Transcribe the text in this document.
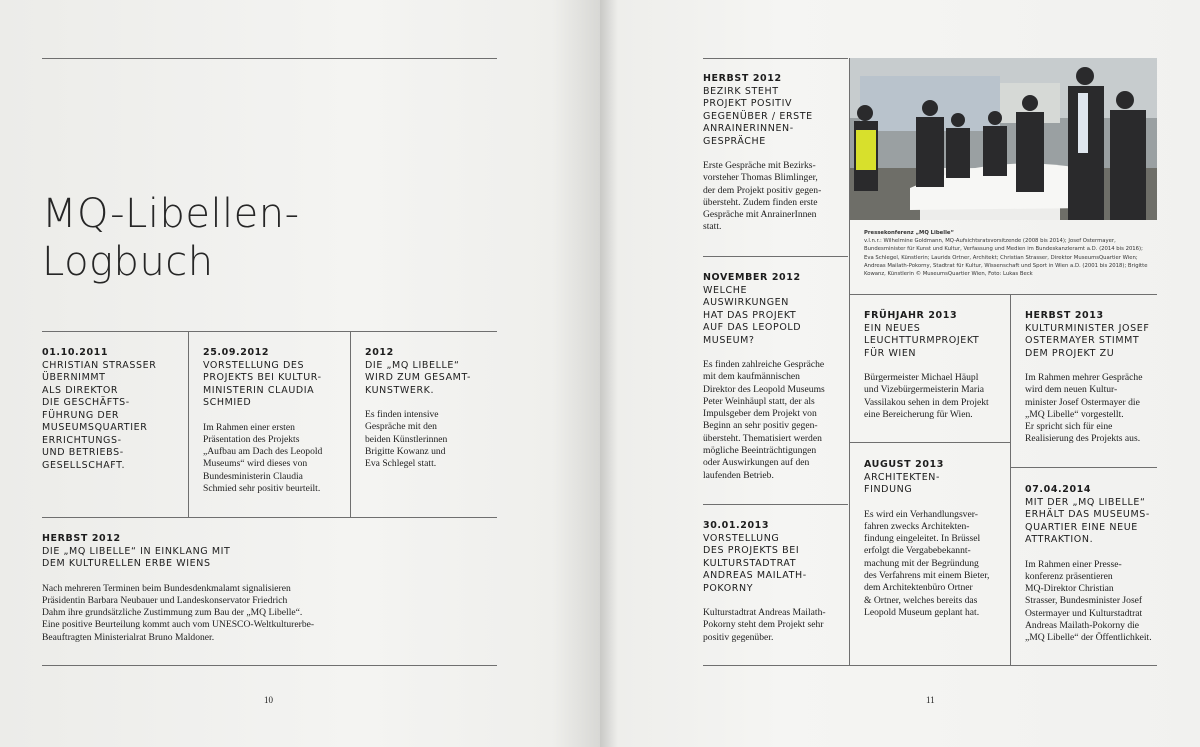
MQ-Libellen-
Logbuch
01.10.2011
CHRISTIAN STRASSER
ÜBERNIMMT
ALS DIREKTOR
DIE GESCHÄFTS-
FÜHRUNG DER
MUSEUMSQUARTIER
ERRICHTUNGS-
UND BETRIEBS-
GESELLSCHAFT.
25.09.2012
VORSTELLUNG DES
PROJEKTS BEI KULTUR-
MINISTERIN CLAUDIA
SCHMIED
Im Rahmen einer ersten
Präsentation des Projekts
„Aufbau am Dach des Leopold
Museums“ wird dieses von
Bundesministerin Claudia
Schmied sehr positiv beurteilt.
2012
DIE „MQ LIBELLE“
WIRD ZUM GESAMT-
KUNSTWERK.
Es finden intensive
Gespräche mit den
beiden Künstlerinnen
Brigitte Kowanz und
Eva Schlegel statt.
HERBST 2012
DIE „MQ LIBELLE“ IN EINKLANG MIT
DEM KULTURELLEN ERBE WIENS
Nach mehreren Terminen beim Bundesdenkmalamt signalisieren
Präsidentin Barbara Neubauer und Landeskonservator Friedrich
Dahm ihre grundsätzliche Zustimmung zum Bau der „MQ Libelle“.
Eine positive Beurteilung kommt auch vom UNESCO-Weltkulturerbe-
Beauftragten Ministerialrat Bruno Maldoner.
10
HERBST 2012
BEZIRK STEHT
PROJEKT POSITIV
GEGENÜBER / ERSTE
ANRAINERINNEN-
GESPRÄCHE
Erste Gespräche mit Bezirks-
vorsteher Thomas Blimlinger,
der dem Projekt positiv gegen-
übersteht. Zudem finden erste
Gespräche mit AnrainerInnen
statt.
NOVEMBER 2012
WELCHE
AUSWIRKUNGEN
HAT DAS PROJEKT
AUF DAS LEOPOLD
MUSEUM?
Es finden zahlreiche Gespräche
mit dem kaufmännischen
Direktor des Leopold Museums
Peter Weinhäupl statt, der als
Impulsgeber dem Projekt von
Beginn an sehr positiv gegen-
übersteht. Thematisiert werden
mögliche Beeinträchtigungen
oder Auswirkungen auf den
laufenden Betrieb.
30.01.2013
VORSTELLUNG
DES PROJEKTS BEI
KULTURSTADTRAT
ANDREAS MAILATH-
POKORNY
Kulturstadtrat Andreas Mailath-
Pokorny steht dem Projekt sehr
positiv gegenüber.
Pressekonferenz „MQ Libelle“
v.l.n.r.: Wilhelmine Goldmann, MQ-Aufsichtsratsvorsitzende (2008 bis 2014); Josef Ostermayer, Bundesminister für Kunst und Kultur, Verfassung und Medien im Bundeskanzleramt a.D. (2014 bis 2016); Eva Schlegel, Künstlerin; Laurids Ortner, Architekt; Christian Strasser, Direktor MuseumsQuartier Wien; Andreas Mailath-Pokorny, Stadtrat für Kultur, Wissenschaft und Sport in Wien a.D. (2001 bis 2018); Brigitte Kowanz, Künstlerin © MuseumsQuartier Wien, Foto: Lukas Beck
FRÜHJAHR 2013
EIN NEUES
LEUCHTTURMPROJEKT
FÜR WIEN
Bürgermeister Michael Häupl
und Vizebürgermeisterin Maria
Vassilakou sehen in dem Projekt
eine Bereicherung für Wien.
AUGUST 2013
ARCHITEKTEN-
FINDUNG
Es wird ein Verhandlungsver-
fahren zwecks Architekten-
findung eingeleitet. In Brüssel
erfolgt die Vergabebekannt-
machung mit der Begründung
des Verfahrens mit einem Bieter,
dem Architektenbüro Ortner
& Ortner, welches bereits das
Leopold Museum geplant hat.
HERBST 2013
KULTURMINISTER JOSEF
OSTERMAYER STIMMT
DEM PROJEKT ZU
Im Rahmen mehrer Gespräche
wird dem neuen Kultur-
minister Josef Ostermayer die
„MQ Libelle“ vorgestellt.
Er spricht sich für eine
Realisierung des Projekts aus.
07.04.2014
MIT DER „MQ LIBELLE“
ERHÄLT DAS MUSEUMS-
QUARTIER EINE NEUE
ATTRAKTION.
Im Rahmen einer Presse-
konferenz präsentieren
MQ-Direktor Christian
Strasser, Bundesminister Josef
Ostermayer und Kulturstadtrat
Andreas Mailath-Pokorny die
„MQ Libelle“ der Öffentlichkeit.
11
